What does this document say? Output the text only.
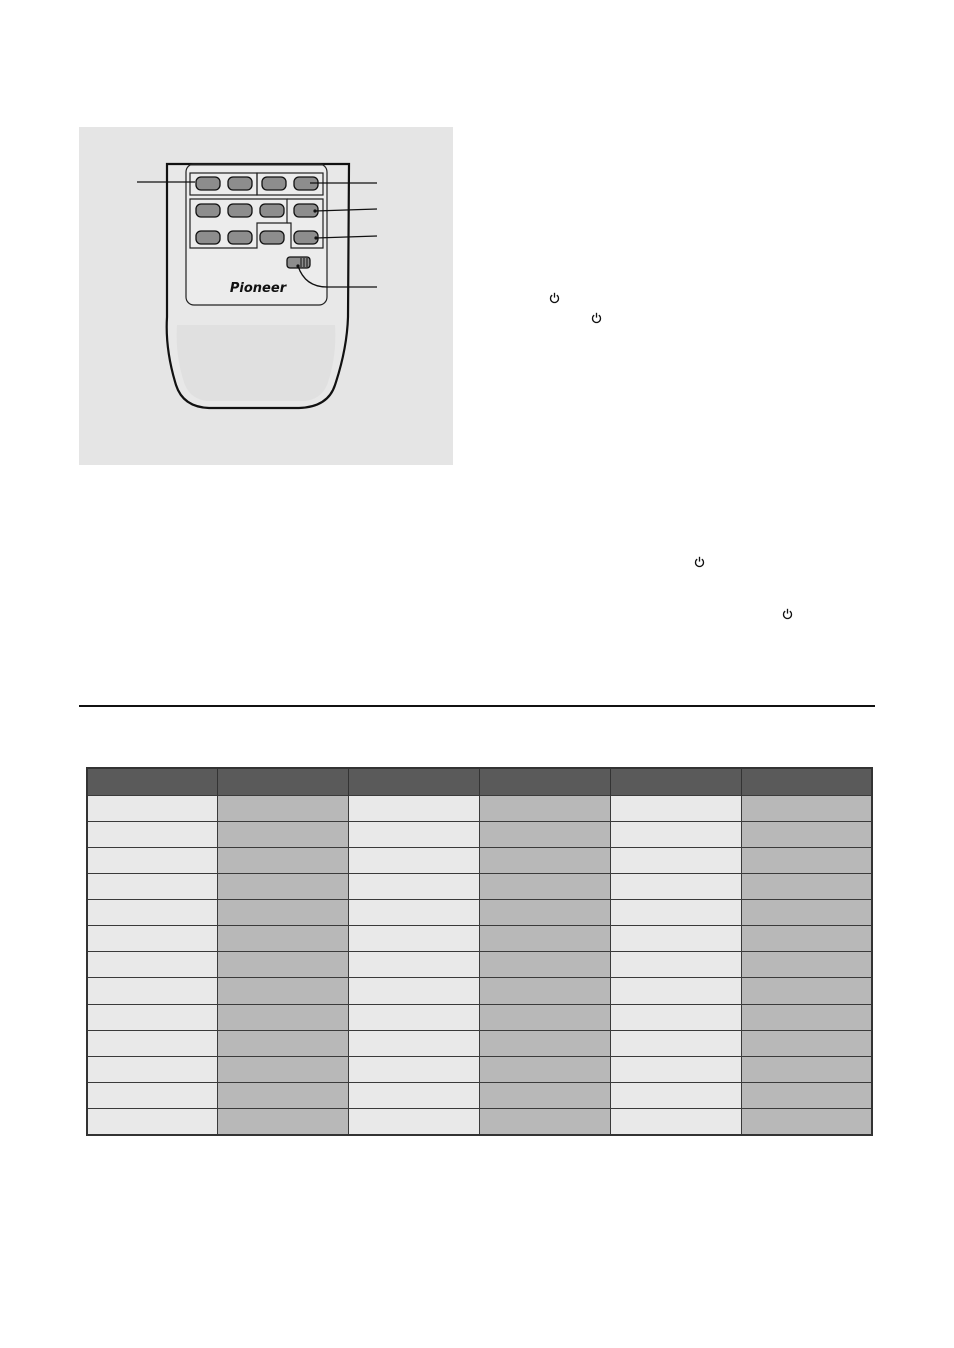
Pioneer
